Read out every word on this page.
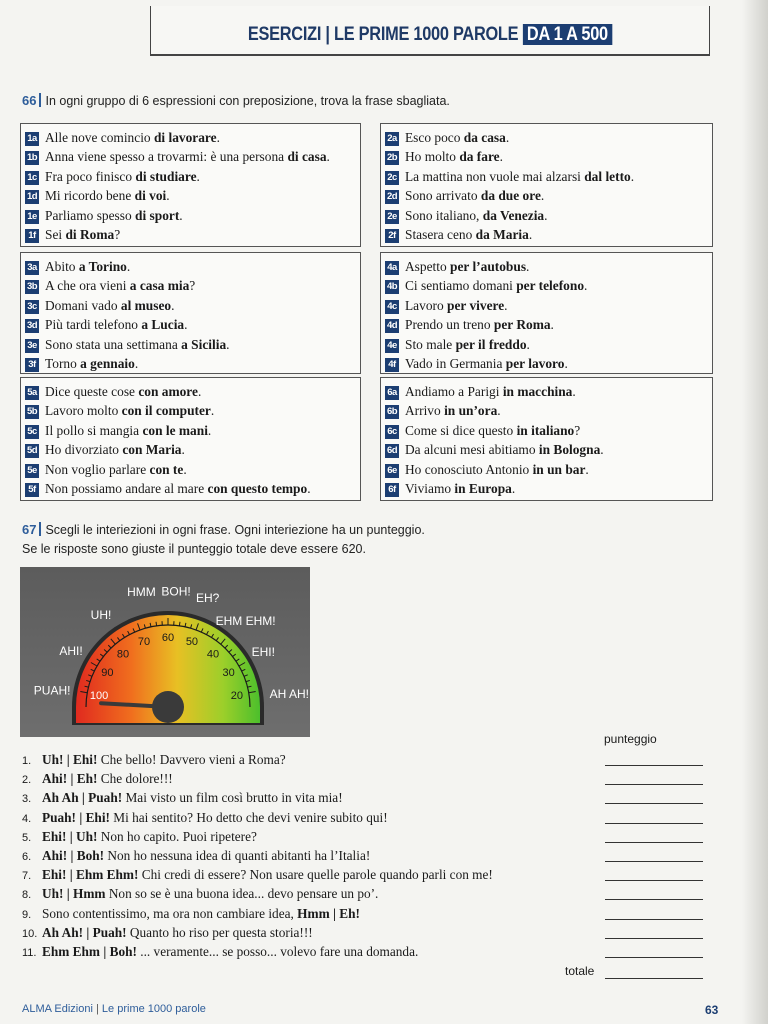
ESERCIZI | LE PRIME 1000 PAROLE DA 1 A 500
66 In ogni gruppo di 6 espressioni con preposizione, trova la frase sbagliata.
1a Alle nove comincio di lavorare.
1b Anna viene spesso a trovarmi: è una persona di casa.
1c Fra poco finisco di studiare.
1d Mi ricordo bene di voi.
1e Parliamo spesso di sport.
1f Sei di Roma?
2a Esco poco da casa.
2b Ho molto da fare.
2c La mattina non vuole mai alzarsi dal letto.
2d Sono arrivato da due ore.
2e Sono italiano, da Venezia.
2f Stasera ceno da Maria.
3a Abito a Torino.
3b A che ora vieni a casa mia?
3c Domani vado al museo.
3d Più tardi telefono a Lucia.
3e Sono stata una settimana a Sicilia.
3f Torno a gennaio.
4a Aspetto per l’autobus.
4b Ci sentiamo domani per telefono.
4c Lavoro per vivere.
4d Prendo un treno per Roma.
4e Sto male per il freddo.
4f Vado in Germania per lavoro.
5a Dice queste cose con amore.
5b Lavoro molto con il computer.
5c Il pollo si mangia con le mani.
5d Ho divorziato con Maria.
5e Non voglio parlare con te.
5f Non possiamo andare al mare con questo tempo.
6a Andiamo a Parigi in macchina.
6b Arrivo in un’ora.
6c Come si dice questo in italiano?
6d Da alcuni mesi abitiamo in Bologna.
6e Ho conosciuto Antonio in un bar.
6f Viviamo in Europa.
67 Scegli le interiezioni in ogni frase. Ogni interiezione ha un punteggio.
Se le risposte sono giuste il punteggio totale deve essere 620.
100
90
80
70 60 50
40
30
20
PUAH!
AHI!
UH!
HMM BOH! EH?
EHM EHM!
EHI!
AH AH!
punteggio
1. Uh! | Ehi! Che bello! Davvero vieni a Roma?
2. Ahi! | Eh! Che dolore!!!
3. Ah Ah | Puah! Mai visto un film così brutto in vita mia!
4. Puah! | Ehi! Mi hai sentito? Ho detto che devi venire subito qui!
5. Ehi! | Uh! Non ho capito. Puoi ripetere?
6. Ahi! | Boh! Non ho nessuna idea di quanti abitanti ha l’Italia!
7. Ehi! | Ehm Ehm! Chi credi di essere? Non usare quelle parole quando parli con me!
8. Uh! | Hmm Non so se è una buona idea... devo pensare un po’.
9. Sono contentissimo, ma ora non cambiare idea, Hmm | Eh!
10. Ah Ah! | Puah! Quanto ho riso per questa storia!!!
11. Ehm Ehm | Boh! ... veramente... se posso... volevo fare una domanda.
totale
ALMA Edizioni | Le prime 1000 parole	63
